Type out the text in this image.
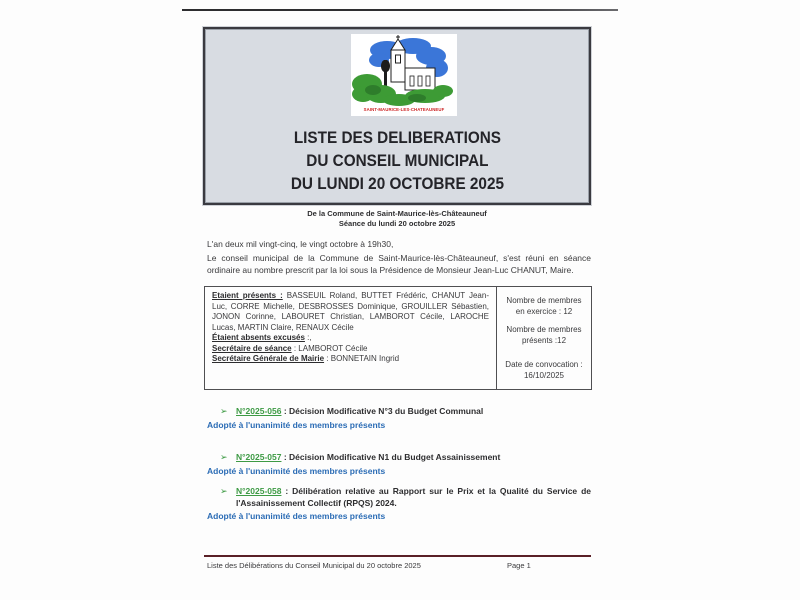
SAINT-MAURICE-LES-CHATEAUNEUF
LISTE DES DELIBERATIONS
DU CONSEIL MUNICIPAL
DU LUNDI 20 OCTOBRE 2025
De la Commune de Saint-Maurice-lès-Châteauneuf
Séance du lundi 20 octobre 2025

L'an deux mil vingt-cinq, le vingt octobre à 19h30,

Le conseil municipal de la Commune de Saint-Maurice-lès-Châteauneuf, s'est réuni en séance ordinaire au nombre prescrit par la loi sous la Présidence de Monsieur Jean-Luc CHANUT, Maire.

Etaient présents : BASSEUIL Roland, BUTTET Frédéric, CHANUT Jean-Luc, CORRE Michelle, DESBROSSES Dominique, GROUILLER Sébastien, JONON Corinne, LABOURET Christian, LAMBOROT Cécile, LAROCHE Lucas, MARTIN Claire, RENAUX Cécile

Étaient absents excusés :,

Secrétaire de séance : LAMBOROT Cécile

Secrétaire Générale de Mairie : BONNETAIN Ingrid

Nombre de membres en exercice : 12

Nombre de membres présents :12

Date de convocation : 16/10/2025

➢ N°2025-056 : Décision Modificative N°3 du Budget Communal
Adopté à l'unanimité des membres présents
➢ N°2025-057 : Décision Modificative N1 du Budget Assainissement
Adopté à l'unanimité des membres présents
➢ N°2025-058 : Délibération relative au Rapport sur le Prix et la Qualité du Service de l'Assainissement Collectif (RPQS) 2024.
Adopté à l'unanimité des membres présents
Liste des Délibérations du Conseil Municipal du 20 octobre 2025	Page 1
